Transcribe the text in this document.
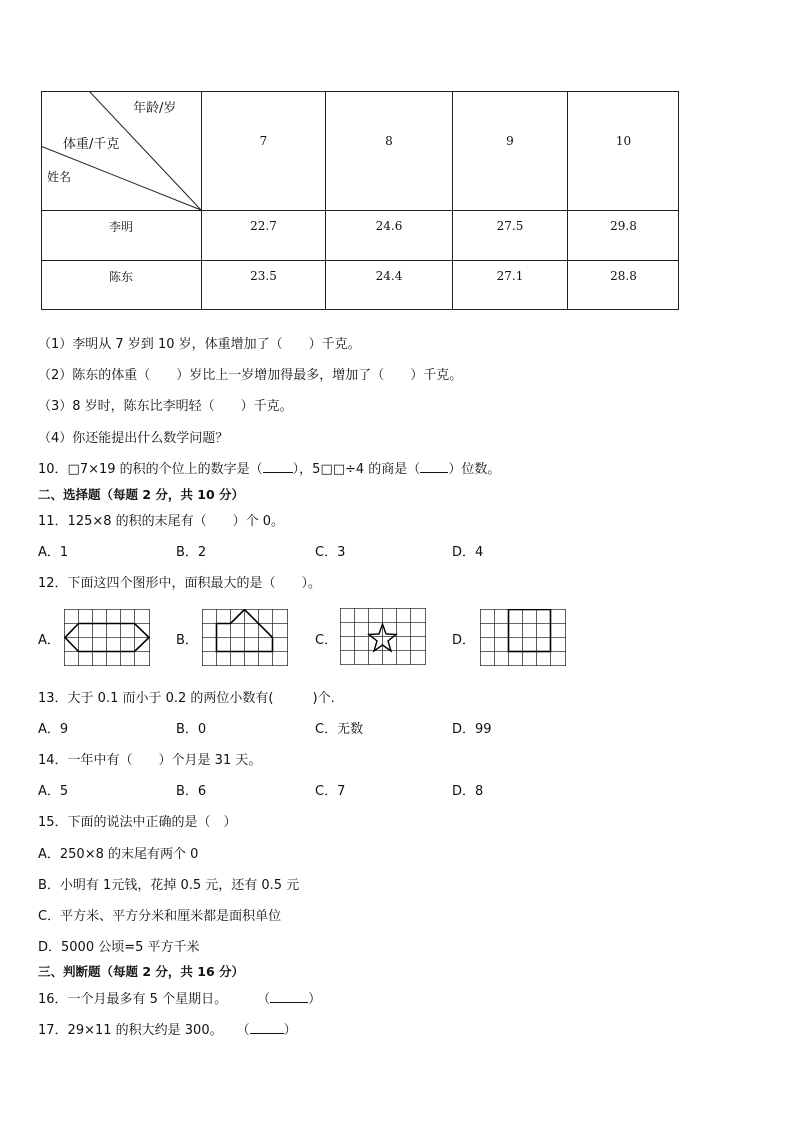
年龄/岁
体重/千克
姓名
7	8	9	10
李明	22.7	24.6	27.5	29.8
陈东	23.5	24.4	27.1	28.8
（1）李明从 7 岁到 10 岁，体重增加了（　　）千克。
（2）陈东的体重（　　）岁比上一岁增加得最多，增加了（　　）千克。
（3）8 岁时，陈东比李明轻（　　）千克。
（4）你还能提出什么数学问题？
10．□7×19 的积的个位上的数字是（ ），5□□÷4 的商是（ ）位数。
二、选择题（每题 2 分，共 10 分）
11．125×8 的积的末尾有（　　）个 0。
A．1	B．2	C．3	D．4
12．下面这四个图形中，面积最大的是（　　）。
A．	B．	C．	D．
13．大于 0.1 而小于 0.2 的两位小数有(　　　)个.
A．9	B．0	C．无数	D．99
14．一年中有（　　）个月是 31 天。
A．5	B．6	C．7	D．8
15．下面的说法中正确的是（　）
A．250×8 的末尾有两个 0
B．小明有 1元钱，花掉 0.5 元，还有 0.5 元
C．平方米、平方分米和厘米都是面积单位
D．5000 公顷=5 平方千米
三、判断题（每题 2 分，共 16 分）
16．一个月最多有 5 个星期日。 （	）
17．29×11 的积大约是 300。 （	）
